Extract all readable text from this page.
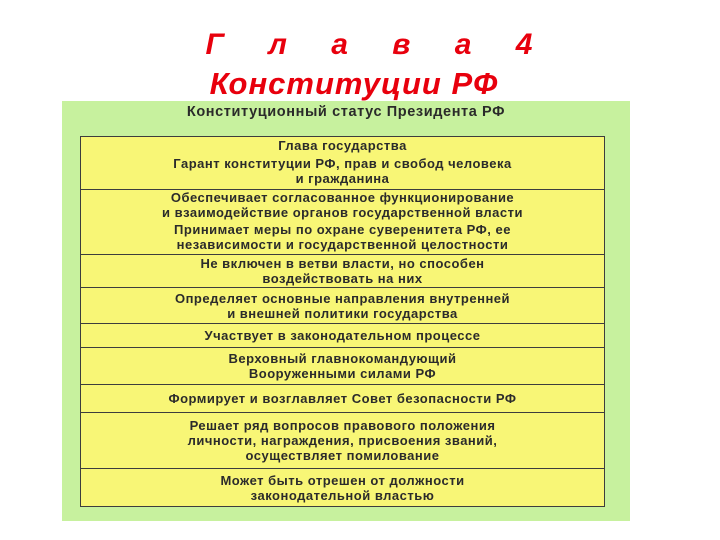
Г л а в а 4
Конституции РФ
Конституционный статус Президента РФ
Глава государства
Гарант конституции РФ, прав и свобод человека
и гражданина
Обеспечивает согласованное функционирование
и взаимодействие органов государственной власти
Принимает меры по охране суверенитета РФ, ее
независимости и государственной целостности
Не включен в ветви власти, но способен
воздействовать на них
Определяет основные направления внутренней
и внешней политики государства
Участвует в законодательном процессе
Верховный главнокомандующий
Вооруженными силами РФ
Формирует и возглавляет Совет безопасности РФ
Решает ряд вопросов правового положения
личности, награждения, присвоения званий,
осуществляет помилование
Может быть отрешен от должности
законодательной властью
